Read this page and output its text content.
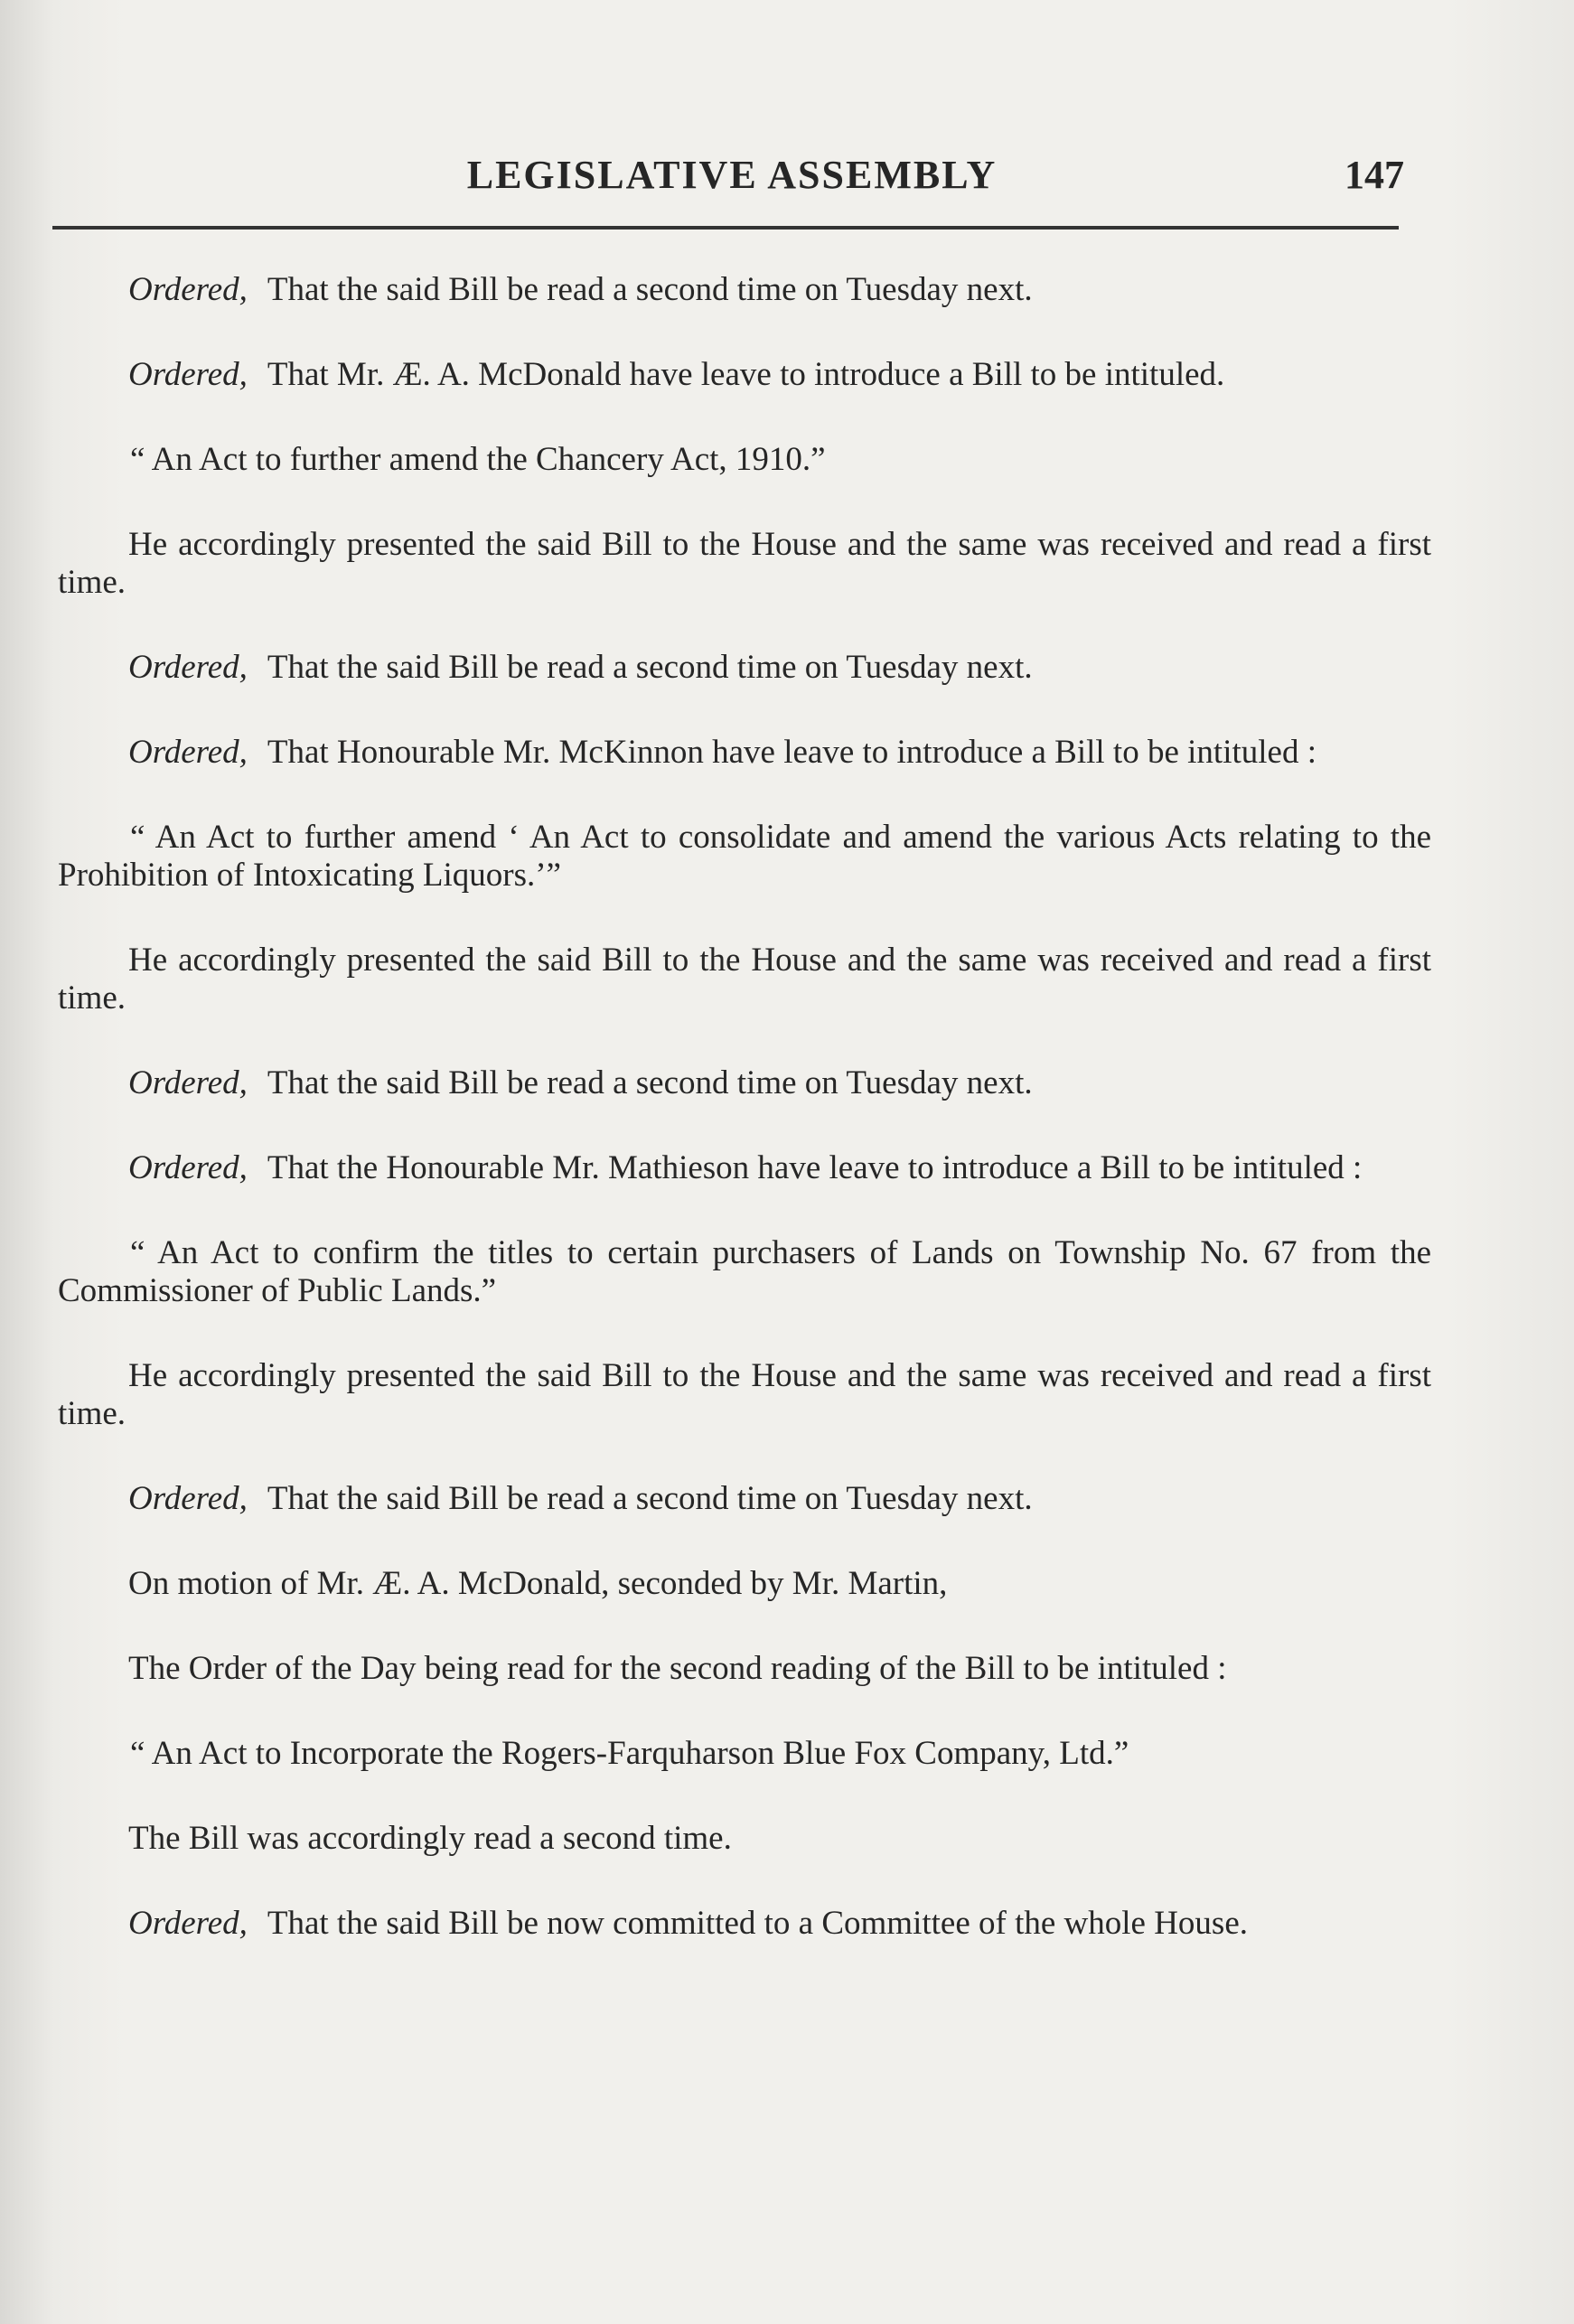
LEGISLATIVE ASSEMBLY	147

Ordered, That the said Bill be read a second time on Tuesday next.

Ordered, That Mr. Æ. A. McDonald have leave to introduce a Bill to be intituled.

“ An Act to further amend the Chancery Act, 1910.”

He accordingly presented the said Bill to the House and the same was received and read a first time.

Ordered, That the said Bill be read a second time on Tuesday next.

Ordered, That Honourable Mr. McKinnon have leave to introduce a Bill to be intituled :

“ An Act to further amend ‘ An Act to consolidate and amend the various Acts relating to the Prohibition of Intoxicating Liquors.’”

He accordingly presented the said Bill to the House and the same was received and read a first time.

Ordered, That the said Bill be read a second time on Tuesday next.

Ordered, That the Honourable Mr. Mathieson have leave to introduce a Bill to be intituled :

“ An Act to confirm the titles to certain purchasers of Lands on Township No. 67 from the Commissioner of Public Lands.”

He accordingly presented the said Bill to the House and the same was received and read a first time.

Ordered, That the said Bill be read a second time on Tuesday next.

On motion of Mr. Æ. A. McDonald, seconded by Mr. Martin,

The Order of the Day being read for the second reading of the Bill to be intituled :

“ An Act to Incorporate the Rogers-Farquharson Blue Fox Company, Ltd.”

The Bill was accordingly read a second time.

Ordered, That the said Bill be now committed to a Committee of the whole House.
